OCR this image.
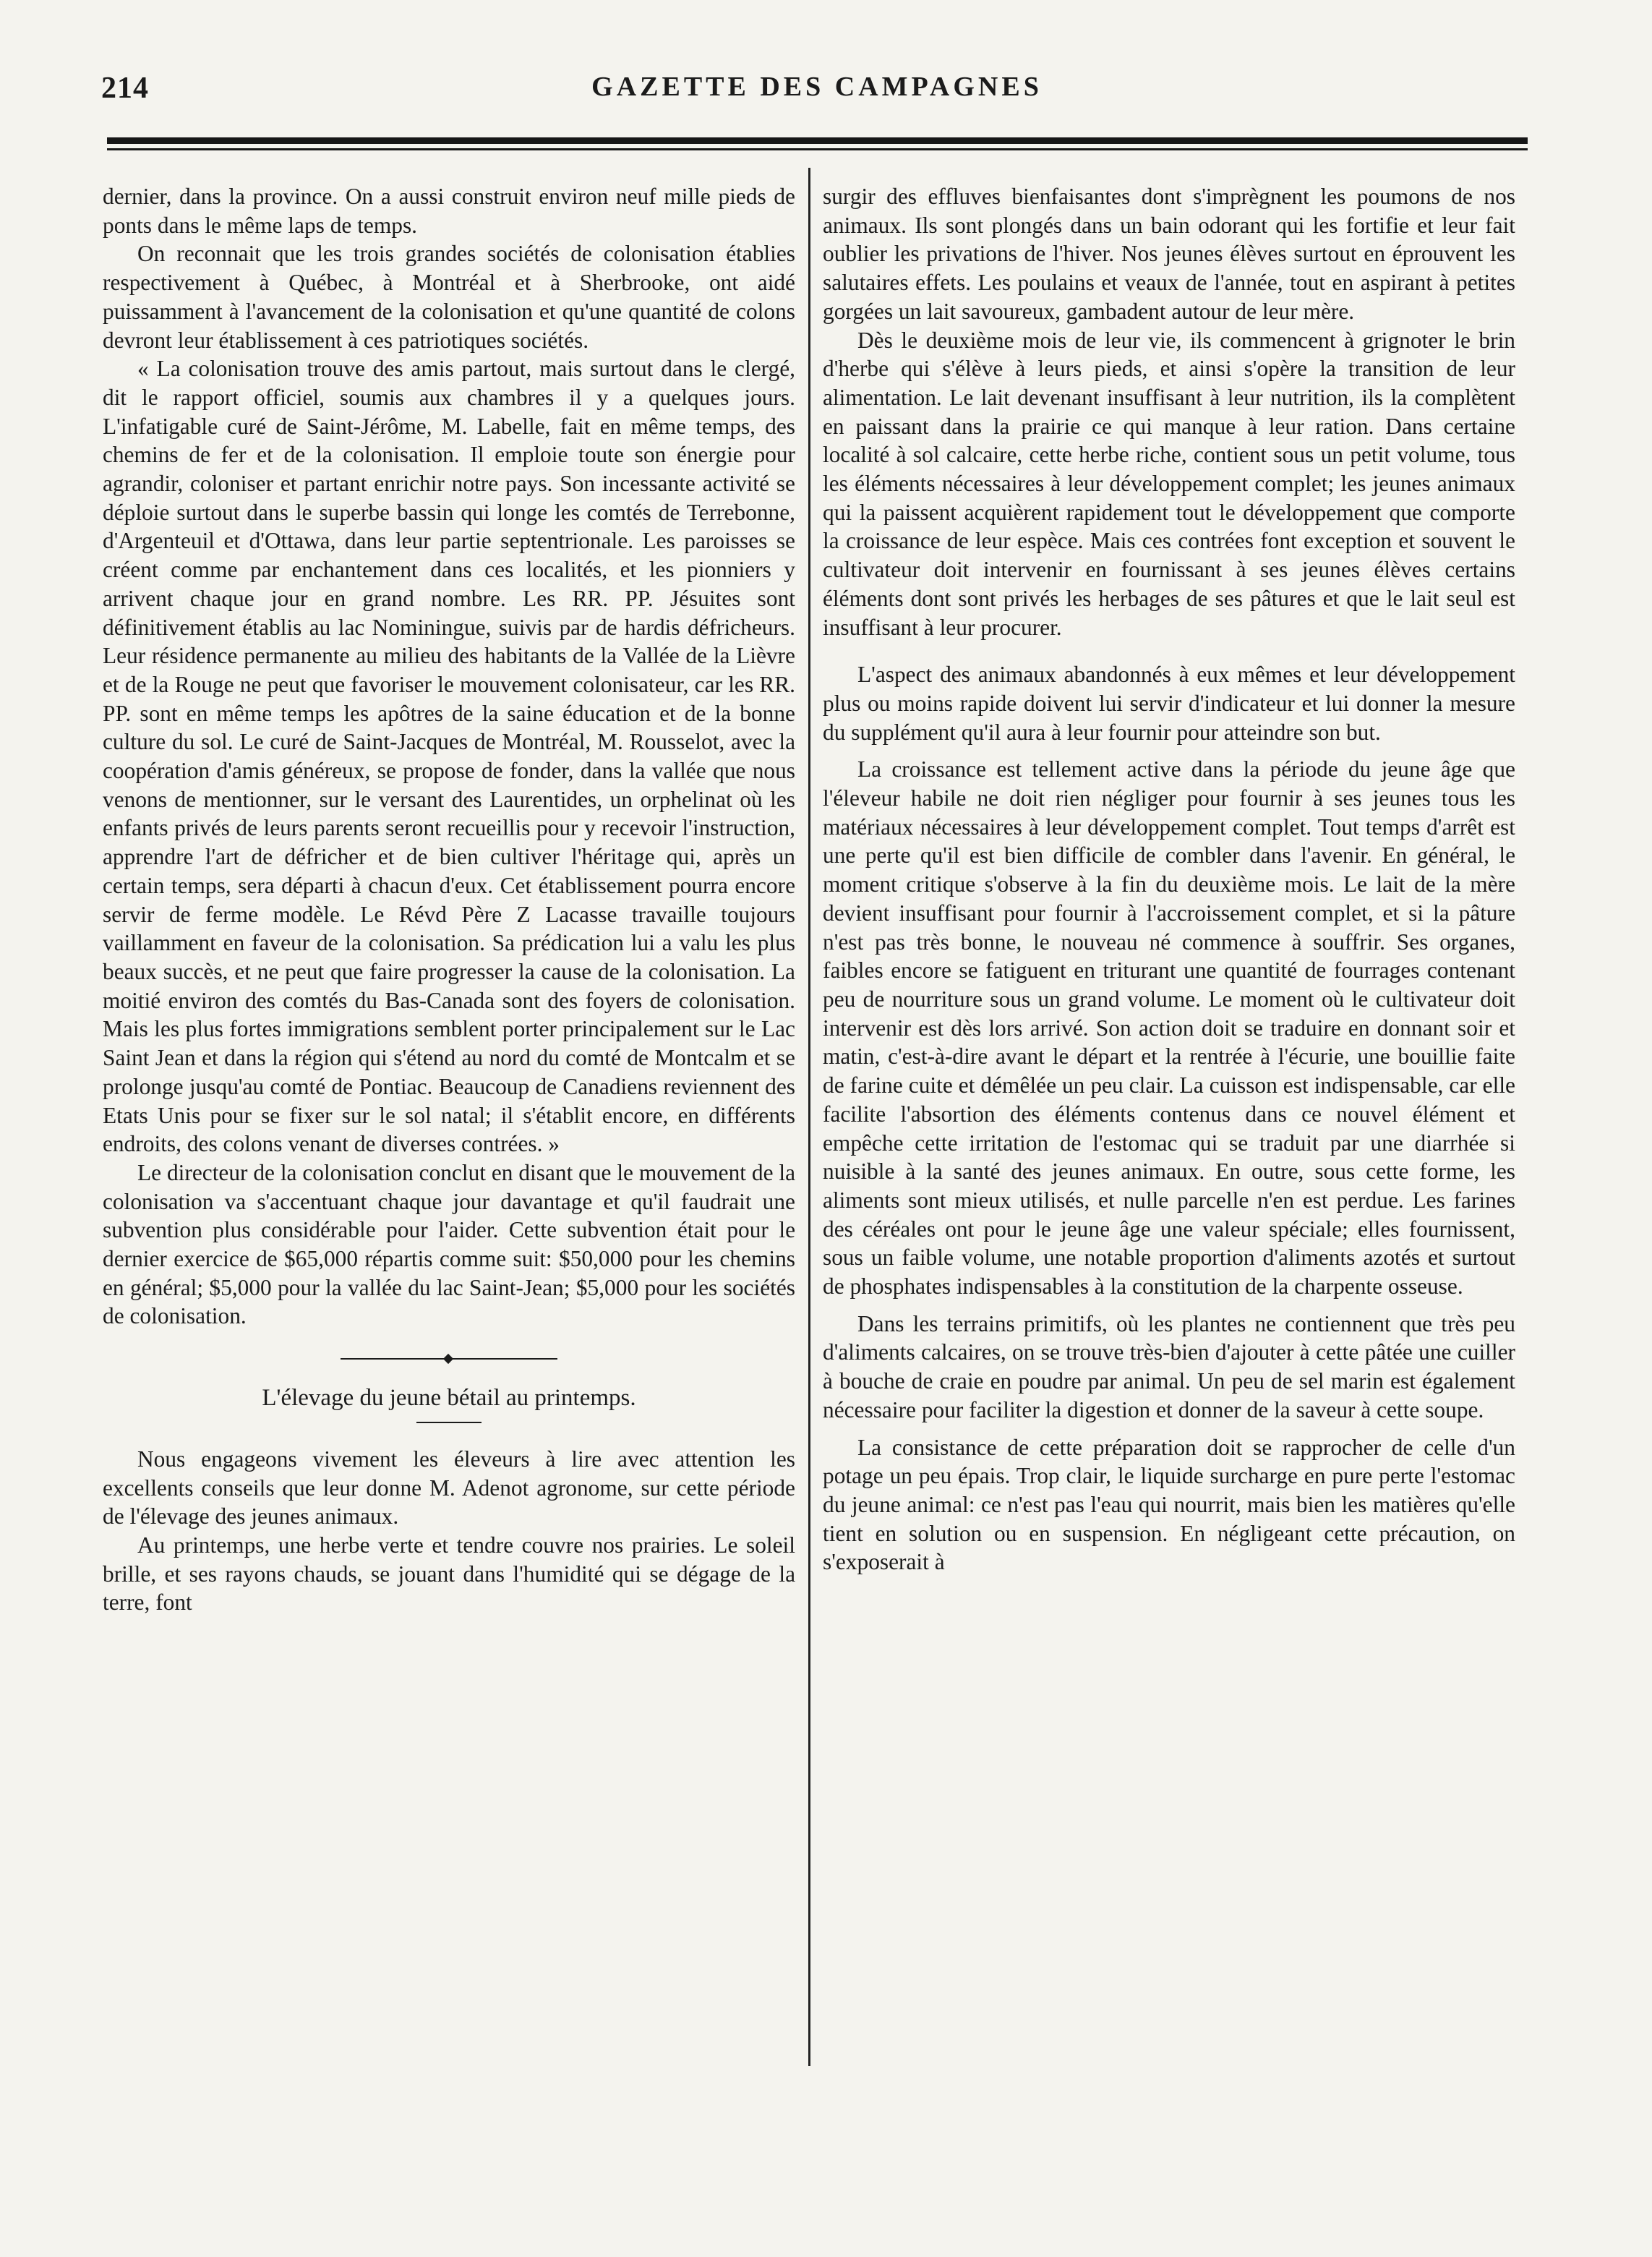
214	GAZETTE DES CAMPAGNES

dernier, dans la province. On a aussi construit environ neuf mille pieds de ponts dans le même laps de temps.

On reconnait que les trois grandes sociétés de colonisation établies respectivement à Québec, à Montréal et à Sherbrooke, ont aidé puissamment à l'avancement de la colonisation et qu'une quantité de colons devront leur établissement à ces patriotiques sociétés.

« La colonisation trouve des amis partout, mais surtout dans le clergé, dit le rapport officiel, soumis aux chambres il y a quelques jours. L'infatigable curé de Saint-Jérôme, M. Labelle, fait en même temps, des chemins de fer et de la colonisation. Il emploie toute son énergie pour agrandir, coloniser et partant enrichir notre pays. Son incessante activité se déploie surtout dans le superbe bassin qui longe les comtés de Terrebonne, d'Argenteuil et d'Ottawa, dans leur partie septentrionale. Les paroisses se créent comme par enchantement dans ces localités, et les pionniers y arrivent chaque jour en grand nombre. Les RR. PP. Jésuites sont définitivement établis au lac Nominingue, suivis par de hardis défricheurs. Leur résidence permanente au milieu des habitants de la Vallée de la Lièvre et de la Rouge ne peut que favoriser le mouvement colonisateur, car les RR. PP. sont en même temps les apôtres de la saine éducation et de la bonne culture du sol. Le curé de Saint-Jacques de Montréal, M. Rousselot, avec la coopération d'amis généreux, se propose de fonder, dans la vallée que nous venons de mentionner, sur le versant des Laurentides, un orphelinat où les enfants privés de leurs parents seront recueillis pour y recevoir l'instruction, apprendre l'art de défricher et de bien cultiver l'héritage qui, après un certain temps, sera départi à chacun d'eux. Cet établissement pourra encore servir de ferme modèle. Le Révd Père Z Lacasse travaille toujours vaillamment en faveur de la colonisation. Sa prédication lui a valu les plus beaux succès, et ne peut que faire progresser la cause de la colonisation. La moitié environ des comtés du Bas-Canada sont des foyers de colonisation. Mais les plus fortes immigrations semblent porter principalement sur le Lac Saint Jean et dans la région qui s'étend au nord du comté de Montcalm et se prolonge jusqu'au comté de Pontiac. Beaucoup de Canadiens reviennent des Etats Unis pour se fixer sur le sol natal; il s'établit encore, en différents endroits, des colons venant de diverses contrées. »

Le directeur de la colonisation conclut en disant que le mouvement de la colonisation va s'accentuant chaque jour davantage et qu'il faudrait une subvention plus considérable pour l'aider. Cette subvention était pour le dernier exercice de $65,000 répartis comme suit: $50,000 pour les chemins en général; $5,000 pour la vallée du lac Saint-Jean; $5,000 pour les sociétés de colonisation.

L'élevage du jeune bétail au printemps.

Nous engageons vivement les éleveurs à lire avec attention les excellents conseils que leur donne M. Adenot agronome, sur cette période de l'élevage des jeunes animaux.

Au printemps, une herbe verte et tendre couvre nos prairies. Le soleil brille, et ses rayons chauds, se jouant dans l'humidité qui se dégage de la terre, font

surgir des effluves bienfaisantes dont s'imprègnent les poumons de nos animaux. Ils sont plongés dans un bain odorant qui les fortifie et leur fait oublier les privations de l'hiver. Nos jeunes élèves surtout en éprouvent les salutaires effets. Les poulains et veaux de l'année, tout en aspirant à petites gorgées un lait savoureux, gambadent autour de leur mère.

Dès le deuxième mois de leur vie, ils commencent à grignoter le brin d'herbe qui s'élève à leurs pieds, et ainsi s'opère la transition de leur alimentation. Le lait devenant insuffisant à leur nutrition, ils la complètent en paissant dans la prairie ce qui manque à leur ration. Dans certaine localité à sol calcaire, cette herbe riche, contient sous un petit volume, tous les éléments nécessaires à leur développement complet; les jeunes animaux qui la paissent acquièrent rapidement tout le développement que comporte la croissance de leur espèce. Mais ces contrées font exception et souvent le cultivateur doit intervenir en fournissant à ses jeunes élèves certains éléments dont sont privés les herbages de ses pâtures et que le lait seul est insuffisant à leur procurer.

L'aspect des animaux abandonnés à eux mêmes et leur développement plus ou moins rapide doivent lui servir d'indicateur et lui donner la mesure du supplément qu'il aura à leur fournir pour atteindre son but.

La croissance est tellement active dans la période du jeune âge que l'éleveur habile ne doit rien négliger pour fournir à ses jeunes tous les matériaux nécessaires à leur développement complet. Tout temps d'arrêt est une perte qu'il est bien difficile de combler dans l'avenir. En général, le moment critique s'observe à la fin du deuxième mois. Le lait de la mère devient insuffisant pour fournir à l'accroissement complet, et si la pâture n'est pas très bonne, le nouveau né commence à souffrir. Ses organes, faibles encore se fatiguent en triturant une quantité de fourrages contenant peu de nourriture sous un grand volume. Le moment où le cultivateur doit intervenir est dès lors arrivé. Son action doit se traduire en donnant soir et matin, c'est-à-dire avant le départ et la rentrée à l'écurie, une bouillie faite de farine cuite et démêlée un peu clair. La cuisson est indispensable, car elle facilite l'absortion des éléments contenus dans ce nouvel élément et empêche cette irritation de l'estomac qui se traduit par une diarrhée si nuisible à la santé des jeunes animaux. En outre, sous cette forme, les aliments sont mieux utilisés, et nulle parcelle n'en est perdue. Les farines des céréales ont pour le jeune âge une valeur spéciale; elles fournissent, sous un faible volume, une notable proportion d'aliments azotés et surtout de phosphates indispensables à la constitution de la charpente osseuse.

Dans les terrains primitifs, où les plantes ne contiennent que très peu d'aliments calcaires, on se trouve très-bien d'ajouter à cette pâtée une cuiller à bouche de craie en poudre par animal. Un peu de sel marin est également nécessaire pour faciliter la digestion et donner de la saveur à cette soupe.

La consistance de cette préparation doit se rapprocher de celle d'un potage un peu épais. Trop clair, le liquide surcharge en pure perte l'estomac du jeune animal: ce n'est pas l'eau qui nourrit, mais bien les matières qu'elle tient en solution ou en suspension. En négligeant cette précaution, on s'exposerait à
